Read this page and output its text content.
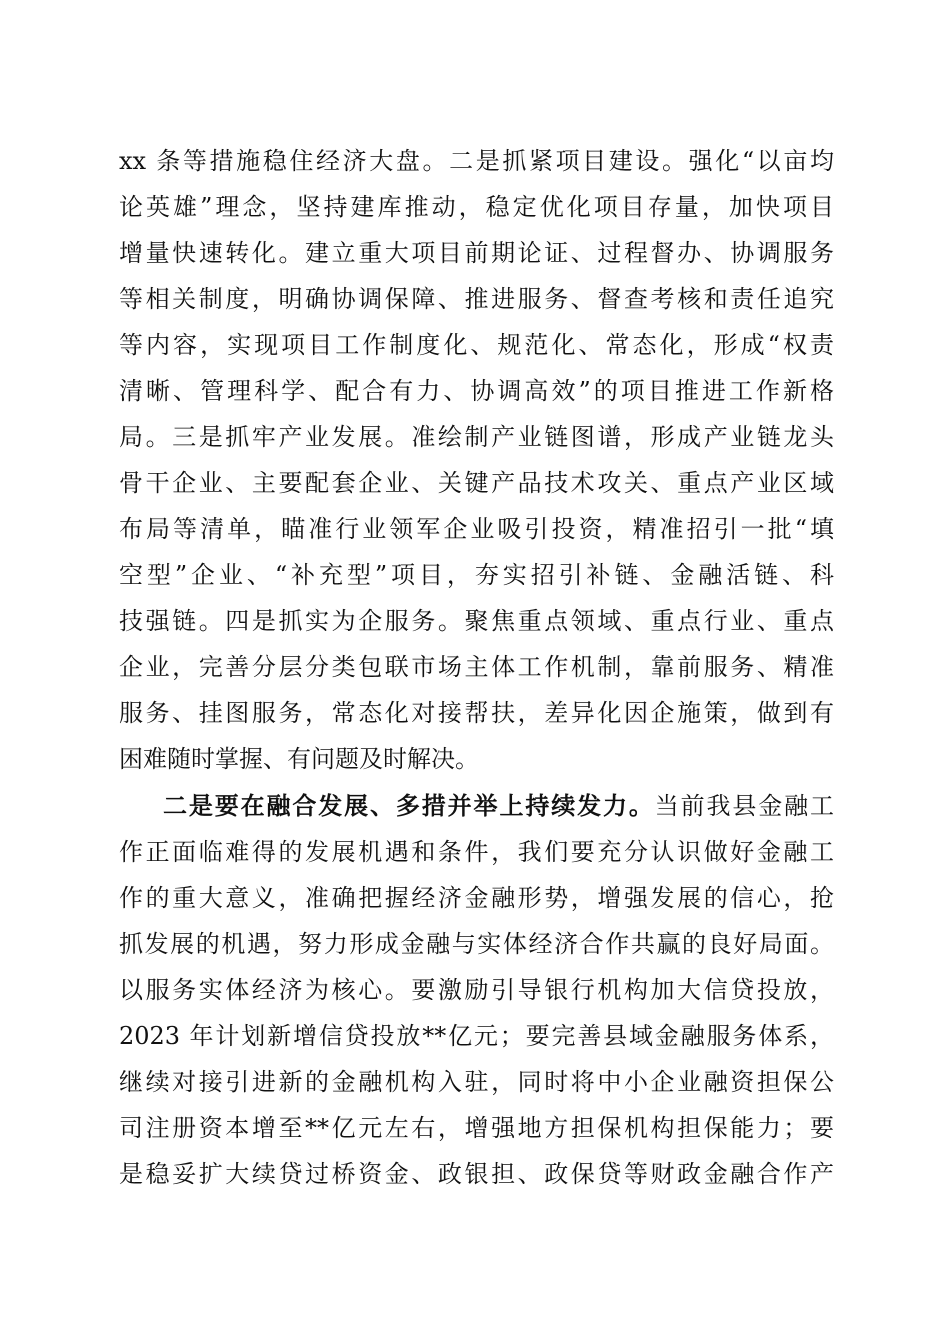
xx 条等措施稳住经济大盘。二是抓紧项目建设。强化“以亩均
论英雄”理念，坚持建库推动，稳定优化项目存量，加快项目
增量快速转化。建立重大项目前期论证、过程督办、协调服务
等相关制度，明确协调保障、推进服务、督查考核和责任追究
等内容，实现项目工作制度化、规范化、常态化，形成“权责
清晰、管理科学、配合有力、协调高效”的项目推进工作新格
局。三是抓牢产业发展。准绘制产业链图谱，形成产业链龙头
骨干企业、主要配套企业、关键产品技术攻关、重点产业区域
布局等清单，瞄准行业领军企业吸引投资，精准招引一批“填
空型”企业、“补充型”项目，夯实招引补链、金融活链、科
技强链。四是抓实为企服务。聚焦重点领域、重点行业、重点
企业，完善分层分类包联市场主体工作机制，靠前服务、精准
服务、挂图服务，常态化对接帮扶，差异化因企施策，做到有
困难随时掌握、有问题及时解决。
二是要在融合发展、多措并举上持续发力。当前我县金融工
作正面临难得的发展机遇和条件，我们要充分认识做好金融工
作的重大意义，准确把握经济金融形势，增强发展的信心，抢
抓发展的机遇，努力形成金融与实体经济合作共赢的良好局面。
以服务实体经济为核心。要激励引导银行机构加大信贷投放，
2023 年计划新增信贷投放**亿元；要完善县域金融服务体系，
继续对接引进新的金融机构入驻，同时将中小企业融资担保公
司注册资本增至**亿元左右，增强地方担保机构担保能力；要
是稳妥扩大续贷过桥资金、政银担、政保贷等财政金融合作产
